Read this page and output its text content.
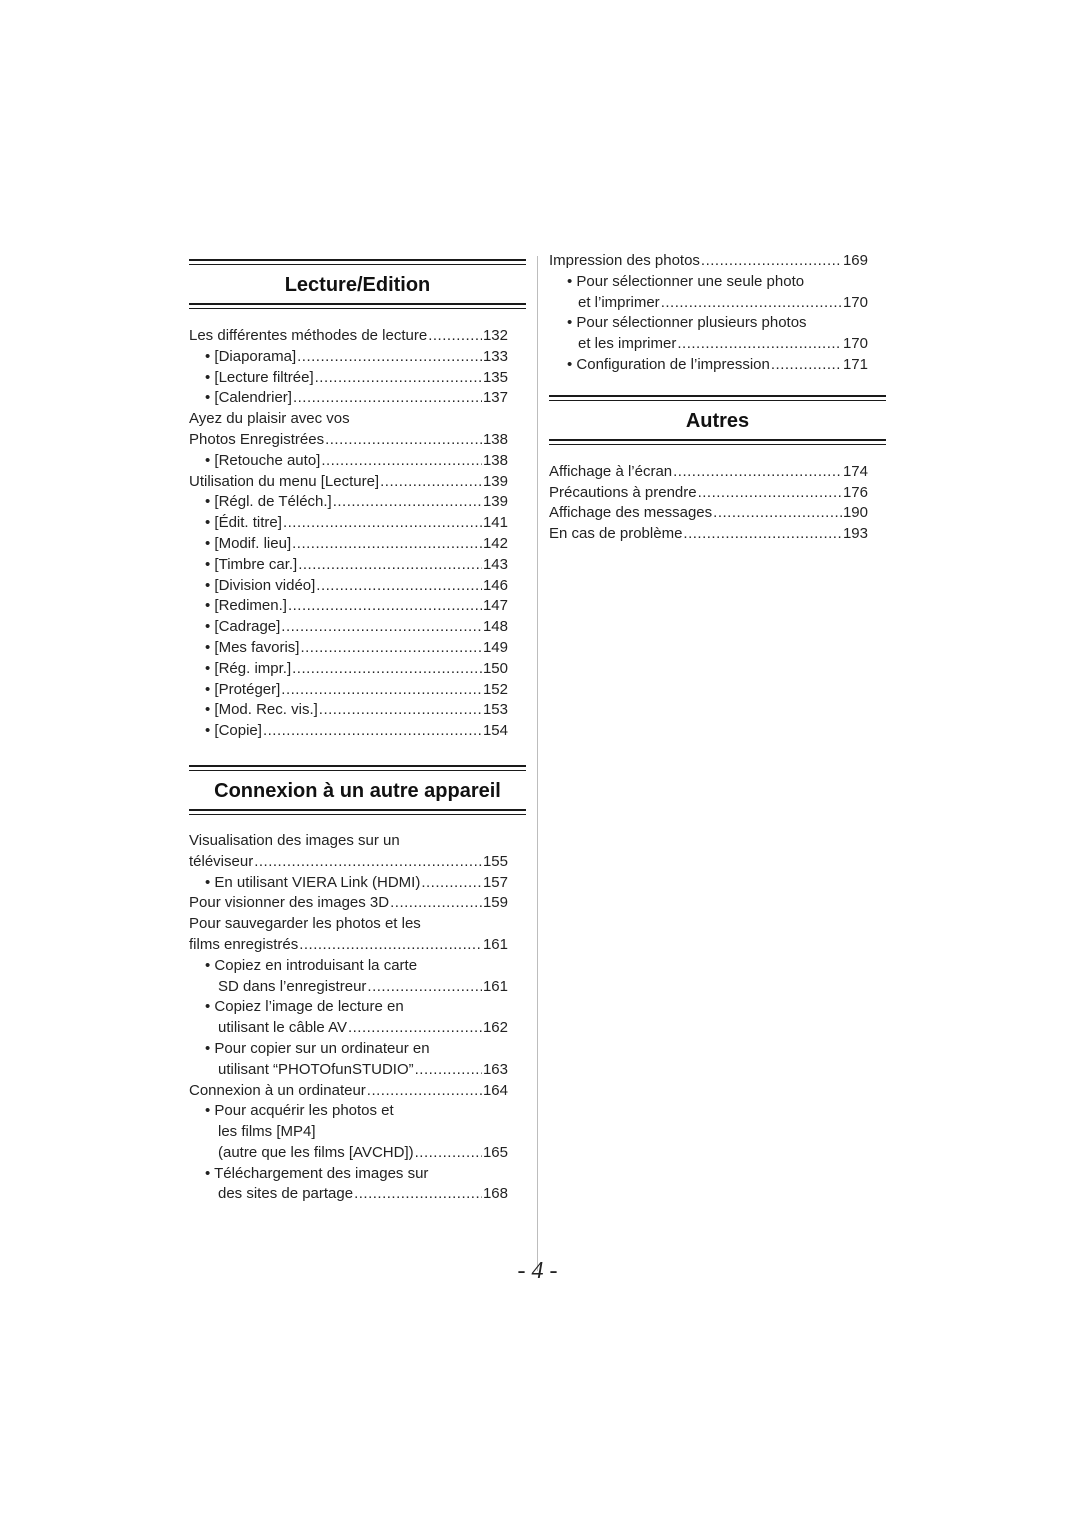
Lecture/Edition
Les différentes méthodes de lecture .....	132
• [Diaporama] .....	133
• [Lecture filtrée] .....	135
• [Calendrier] .....	137
Ayez du plaisir avec vos
Photos Enregistrées .....	138
• [Retouche auto] .....	138
Utilisation du menu [Lecture] .....	139
• [Régl. de Téléch.] .....	139
• [Édit. titre] .....	141
• [Modif. lieu] .....	142
• [Timbre car.] .....	143
• [Division vidéo] .....	146
• [Redimen.] .....	147
• [Cadrage] .....	148
• [Mes favoris] .....	149
• [Rég. impr.] .....	150
• [Protéger] .....	152
• [Mod. Rec. vis.] .....	153
• [Copie] .....	154
Connexion à un autre appareil
Visualisation des images sur un
téléviseur .....	155
• En utilisant VIERA Link (HDMI) .....	157
Pour visionner des images 3D .....	159
Pour sauvegarder les photos et les
films enregistrés .....	161
• Copiez en introduisant la carte
SD dans l’enregistreur .....	161
• Copiez l’image de lecture en
utilisant le câble AV .....	162
• Pour copier sur un ordinateur en
utilisant “PHOTOfunSTUDIO” .....	163
Connexion à un ordinateur .....	164
• Pour acquérir les photos et
les films [MP4]
(autre que les films [AVCHD]) .....	165
• Téléchargement des images sur
des sites de partage .....	168
Impression des photos .....	169
• Pour sélectionner une seule photo
et l’imprimer .....	170
• Pour sélectionner plusieurs photos
et les imprimer .....	170
• Configuration de l’impression .....	171
Autres
Affichage à l’écran .....	174
Précautions à prendre .....	176
Affichage des messages .....	190
En cas de problème .....	193
- 4 -
